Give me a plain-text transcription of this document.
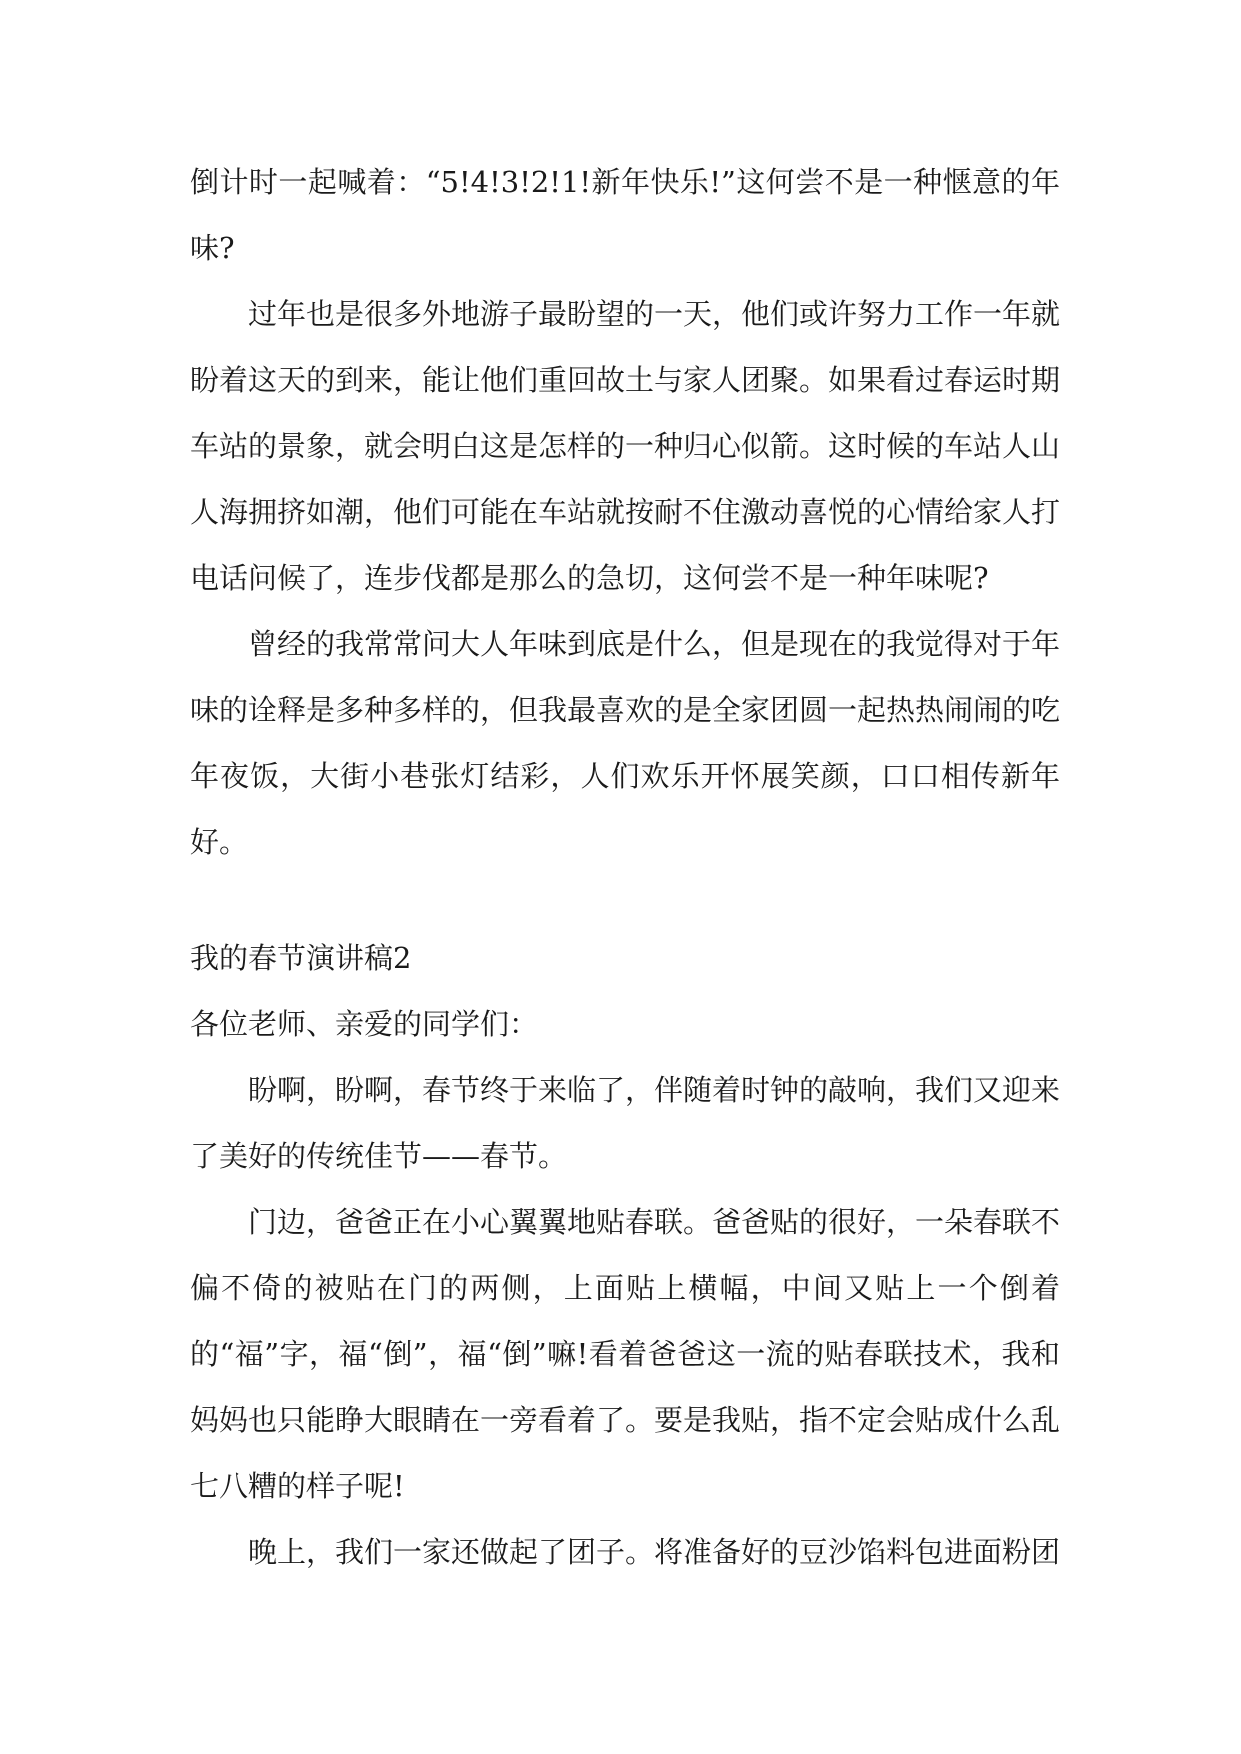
倒计时一起喊着：“5!4!3!2!1!新年快乐!”这何尝不是一种惬意的年味?

过年也是很多外地游子最盼望的一天，他们或许努力工作一年就盼着这天的到来，能让他们重回故土与家人团聚。如果看过春运时期车站的景象，就会明白这是怎样的一种归心似箭。这时候的车站人山人海拥挤如潮，他们可能在车站就按耐不住激动喜悦的心情给家人打电话问候了，连步伐都是那么的急切，这何尝不是一种年味呢?

曾经的我常常问大人年味到底是什么，但是现在的我觉得对于年味的诠释是多种多样的，但我最喜欢的是全家团圆一起热热闹闹的吃年夜饭，大街小巷张灯结彩，人们欢乐开怀展笑颜，口口相传新年好。

我的春节演讲稿2

各位老师、亲爱的同学们：

盼啊，盼啊，春节终于来临了，伴随着时钟的敲响，我们又迎来了美好的传统佳节——春节。

门边，爸爸正在小心翼翼地贴春联。爸爸贴的很好，一朵春联不偏不倚的被贴在门的两侧，上面贴上横幅，中间又贴上一个倒着的“福”字，福“倒”，福“倒”嘛!看着爸爸这一流的贴春联技术，我和妈妈也只能睁大眼睛在一旁看着了。要是我贴，指不定会贴成什么乱七八糟的样子呢!

晚上，我们一家还做起了团子。将准备好的豆沙馅料包进面粉团
